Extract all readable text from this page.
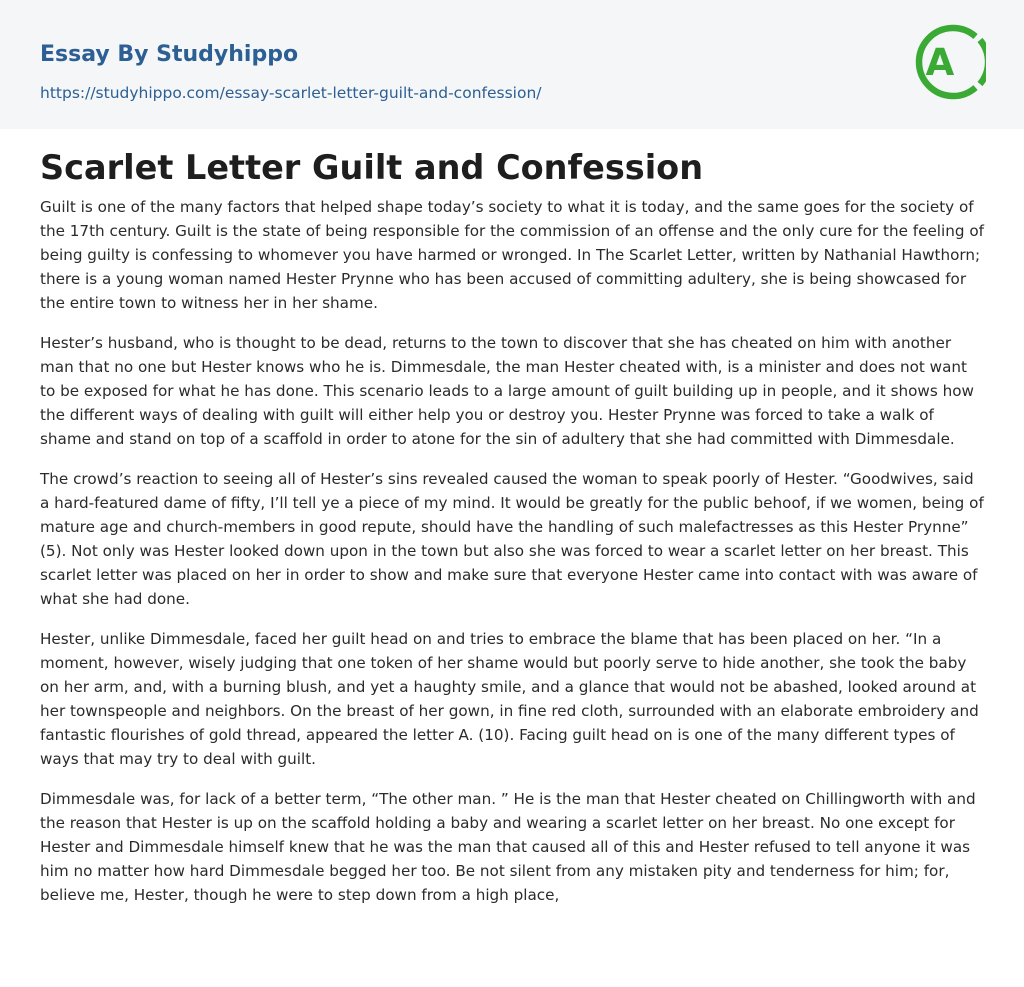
Essay By Studyhippo
https://studyhippo.com/essay-scarlet-letter-guilt-and-confession/
A
Scarlet Letter Guilt and Confession

Guilt is one of the many factors that helped shape today’s society to what it is today, and the same goes for the society of the 17th century. Guilt is the state of being responsible for the commission of an offense and the only cure for the feeling of being guilty is confessing to whomever you have harmed or wronged. In The Scarlet Letter, written by Nathanial Hawthorn; there is a young woman named Hester Prynne who has been accused of committing adultery, she is being showcased for the entire town to witness her in her shame.

Hester’s husband, who is thought to be dead, returns to the town to discover that she has cheated on him with another man that no one but Hester knows who he is. Dimmesdale, the man Hester cheated with, is a minister and does not want to be exposed for what he has done. This scenario leads to a large amount of guilt building up in people, and it shows how the different ways of dealing with guilt will either help you or destroy you. Hester Prynne was forced to take a walk of shame and stand on top of a scaffold in order to atone for the sin of adultery that she had committed with Dimmesdale.

The crowd’s reaction to seeing all of Hester’s sins revealed caused the woman to speak poorly of Hester. “Goodwives, said a hard-featured dame of fifty, I’ll tell ye a piece of my mind. It would be greatly for the public behoof, if we women, being of mature age and church-members in good repute, should have the handling of such malefactresses as this Hester Prynne” (5). Not only was Hester looked down upon in the town but also she was forced to wear a scarlet letter on her breast. This scarlet letter was placed on her in order to show and make sure that everyone Hester came into contact with was aware of what she had done.

Hester, unlike Dimmesdale, faced her guilt head on and tries to embrace the blame that has been placed on her. “In a moment, however, wisely judging that one token of her shame would but poorly serve to hide another, she took the baby on her arm, and, with a burning blush, and yet a haughty smile, and a glance that would not be abashed, looked around at her townspeople and neighbors. On the breast of her gown, in fine red cloth, surrounded with an elaborate embroidery and fantastic flourishes of gold thread, appeared the letter A. (10). Facing guilt head on is one of the many different types of ways that may try to deal with guilt.

Dimmesdale was, for lack of a better term, “The other man. ” He is the man that Hester cheated on Chillingworth with and the reason that Hester is up on the scaffold holding a baby and wearing a scarlet letter on her breast. No one except for Hester and Dimmesdale himself knew that he was the man that caused all of this and Hester refused to tell anyone it was him no matter how hard Dimmesdale begged her too. Be not silent from any mistaken pity and tenderness for him; for, believe me, Hester, though he were to step down from a high place,
